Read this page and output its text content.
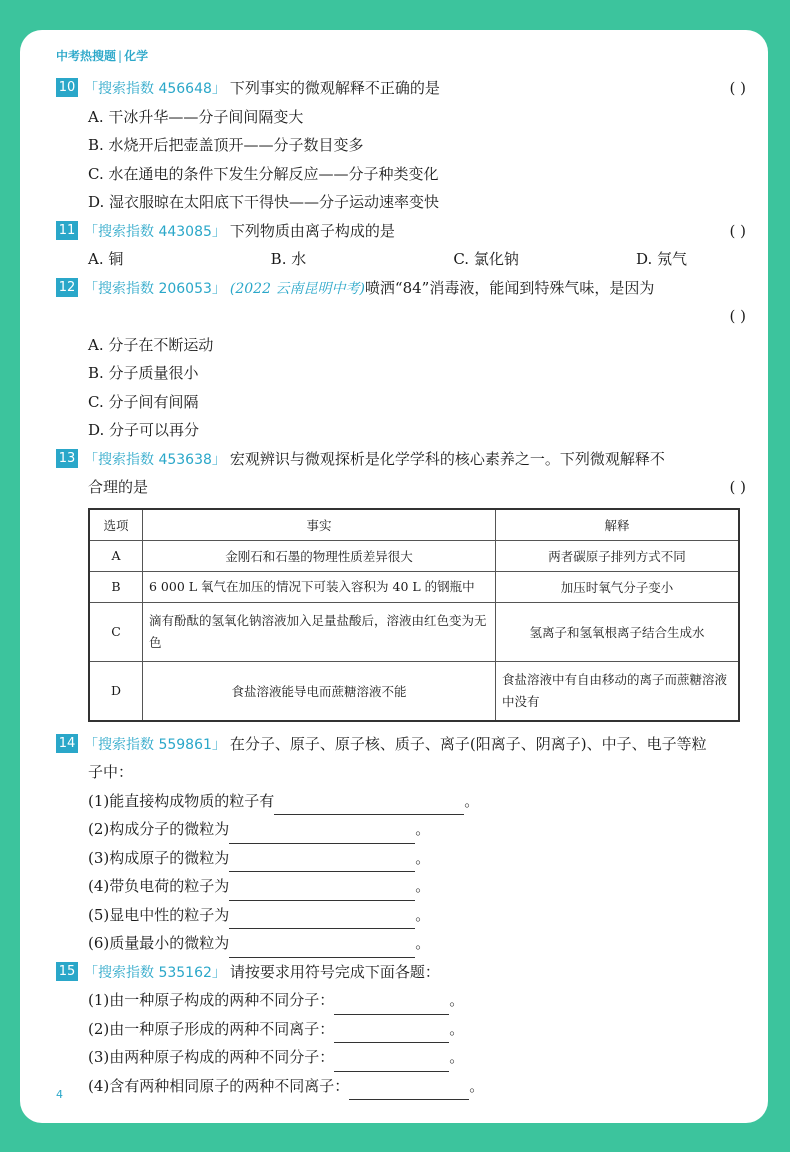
中考热搜题 | 化学
10 「搜索指数 456648」 下列事实的微观解释不正确的是	( )
A. 干冰升华——分子间间隔变大
B. 水烧开后把壶盖顶开——分子数目变多
C. 水在通电的条件下发生分解反应——分子种类变化
D. 湿衣服晾在太阳底下干得快——分子运动速率变快
11 「搜索指数 443085」 下列物质由离子构成的是	( )
A. 铜	B. 水	C. 氯化钠	D. 氖气
12 「搜索指数 206053」 (2022 云南昆明中考)喷洒“84”消毒液，能闻到特殊气味，是因为
( )
A. 分子在不断运动
B. 分子质量很小
C. 分子间有间隔
D. 分子可以再分
13 「搜索指数 453638」 宏观辨识与微观探析是化学学科的核心素养之一。下列微观解释不
合理的是	( )
选项	事实	解释
A	金刚石和石墨的物理性质差异很大	两者碳原子排列方式不同
B	6 000 L 氧气在加压的情况下可装入容积为 40 L 的钢瓶中	加压时氧气分子变小
C	滴有酚酞的氢氧化钠溶液加入足量盐酸后，溶液由红色变为无色	氢离子和氢氧根离子结合生成水
D	食盐溶液能导电而蔗糖溶液不能	食盐溶液中有自由移动的离子而蔗糖溶液中没有
14 「搜索指数 559861」 在分子、原子、原子核、质子、离子(阳离子、阴离子)、中子、电子等粒
子中：
(1)能直接构成物质的粒子有	。
(2)构成分子的微粒为	。
(3)构成原子的微粒为	。
(4)带负电荷的粒子为	。
(5)显电中性的粒子为	。
(6)质量最小的微粒为	。
15 「搜索指数 535162」 请按要求用符号完成下面各题：
(1)由一种原子构成的两种不同分子：	。
(2)由一种原子形成的两种不同离子：	。
(3)由两种原子构成的两种不同分子：	。
(4)含有两种相同原子的两种不同离子：	。
4
